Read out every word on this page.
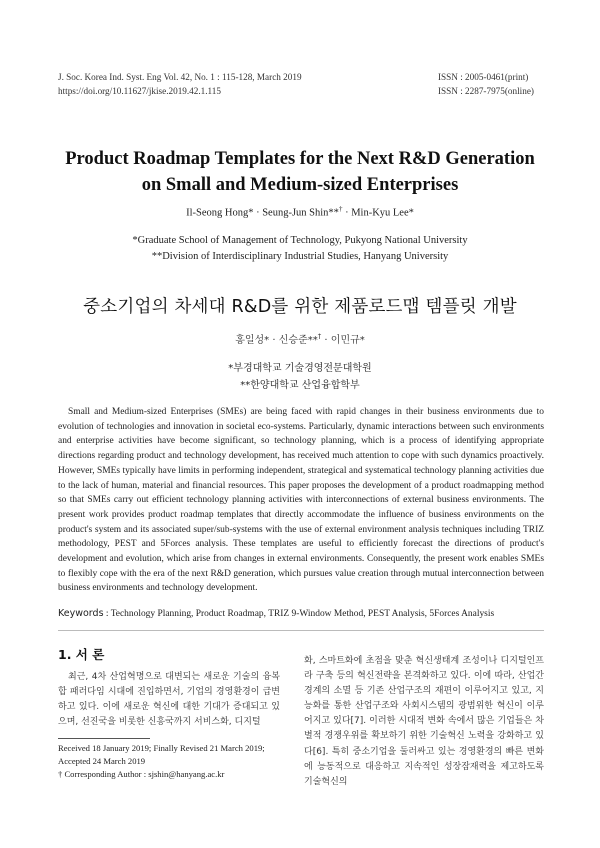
J. Soc. Korea Ind. Syst. Eng Vol. 42, No. 1 : 115-128, March 2019
https://doi.org/10.11627/jkise.2019.42.1.115
ISSN : 2005-0461(print)
ISSN : 2287-7975(online)
Product Roadmap Templates for the Next R&D Generation
on Small and Medium-sized Enterprises
Il-Seong Hong* · Seung-Jun Shin**† · Min-Kyu Lee*
*Graduate School of Management of Technology, Pukyong National University
**Division of Interdisciplinary Industrial Studies, Hanyang University
중소기업의 차세대 R&D를 위한 제품로드맵 템플릿 개발
홍일성* · 신승준**† · 이민규*
*부경대학교 기술경영전문대학원
**한양대학교 산업융합학부

Small and Medium-sized Enterprises (SMEs) are being faced with rapid changes in their business environments due to evolution of technologies and innovation in societal eco-systems. Particularly, dynamic interactions between such environments and enterprise activities have become significant, so technology planning, which is a process of identifying appropriate directions regarding product and technology development, has received much attention to cope with such dynamics proactively. However, SMEs typically have limits in performing independent, strategical and systematical technology planning activities due to the lack of human, material and financial resources. This paper proposes the development of a product roadmapping method so that SMEs carry out efficient technology planning activities with interconnections of external business environments. The present work provides product roadmap templates that directly accommodate the influence of business environments on the product's system and its associated super/sub-systems with the use of external environment analysis techniques including TRIZ methodology, PEST and 5Forces analysis. These templates are useful to efficiently forecast the directions of product's development and evolution, which arise from changes in external environments. Consequently, the present work enables SMEs to flexibly cope with the era of the next R&D generation, which pursues value creation through mutual interconnection between business environments and technology development.

Keywords : Technology Planning, Product Roadmap, TRIZ 9-Window Method, PEST Analysis, 5Forces Analysis
1. 서 론

최근, 4차 산업혁명으로 대변되는 새로운 기술의 융복합 패러다임 시대에 진입하면서, 기업의 경영환경이 급변하고 있다. 이에 새로운 혁신에 대한 기대가 증대되고 있으며, 선진국을 비롯한 신흥국까지 서비스화, 디지털

Received 18 January 2019; Finally Revised 21 March 2019; Accepted 24 March 2019
† Corresponding Author : sjshin@hanyang.ac.kr

화, 스마트화에 초점을 맞춘 혁신생태계 조성이나 디지털인프라 구축 등의 혁신전략을 본격화하고 있다. 이에 따라, 산업간 경계의 소멸 등 기존 산업구조의 재편이 이루어지고 있고, 지능화를 통한 산업구조와 사회시스템의 광범위한 혁신이 이루어지고 있다[7]. 이러한 시대적 변화 속에서 많은 기업들은 차별적 경쟁우위를 확보하기 위한 기술혁신 노력을 강화하고 있다[6]. 특히 중소기업을 둘러싸고 있는 경영환경의 빠른 변화에 능동적으로 대응하고 지속적인 성장잠재력을 제고하도록 기술혁신의
